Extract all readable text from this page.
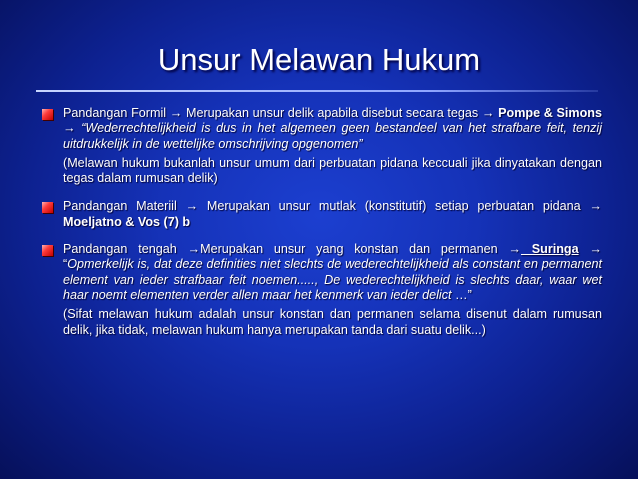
Unsur Melawan Hukum
Pandangan Formil → Merupakan unsur delik apabila disebut secara tegas → Pompe & Simons → “Wederrechtelijkheid is dus in het algemeen geen bestandeel van het strafbare feit, tenzij uitdrukkelijk in de wettelijke omschrijving opgenomen”
(Melawan hukum bukanlah unsur umum dari perbuatan pidana keccuali jika dinyatakan dengan tegas dalam rumusan delik)
Pandangan Materiil → Merupakan unsur mutlak (konstitutif) setiap perbuatan pidana → Moeljatno & Vos (7) b
Pandangan tengah →Merupakan unsur yang konstan dan permanen → Suringa → “Opmerkelijk is, dat deze definities niet slechts de wederechtelijkheid als constant en permanent element van ieder strafbaar feit noemen....., De wederechtelijkheid is slechts daar, waar wet haar noemt elementen verder allen maar het kenmerk van ieder delict …”
(Sifat melawan hukum adalah unsur konstan dan permanen selama disenut dalam rumusan delik, jika tidak, melawan hukum hanya merupakan tanda dari suatu delik...)
